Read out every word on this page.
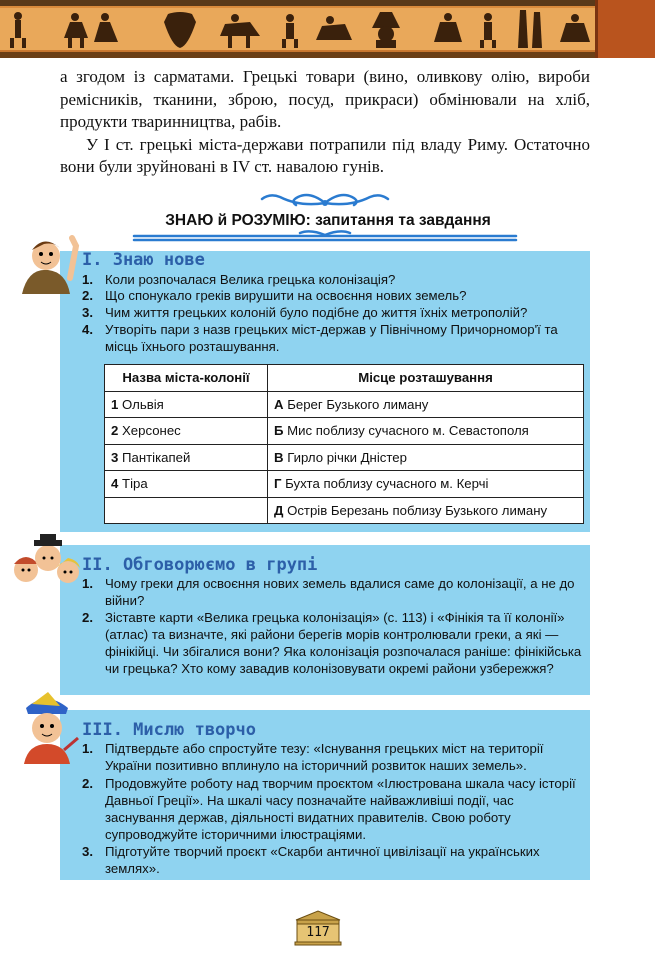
а згодом із сарматами. Грецькі товари (вино, оливкову олію, вироби ремісників, тканини, зброю, посуд, прикраси) обмінювали на хліб, продукти тваринництва, рабів.

У І ст. грецькі міста-держави потрапили під владу Риму. Остаточно вони були зруйновані в IV ст. навалою гунів.

ЗНАЮ й РОЗУМІЮ: запитання та завдання
I. Знаю нове
1. Коли розпочалася Велика грецька колонізація?
2. Що спонукало греків вирушити на освоєння нових земель?
3. Чим життя грецьких колоній було подібне до життя їхніх метрополій?
4. Утворіть пари з назв грецьких міст-держав у Північному Причорномор'ї та місць їхнього розташування.
Назва міста-колонії	Місце розташування
1 Ольвія	А Берег Бузького лиману
2 Херсонес	Б Мис поблизу сучасного м. Севастополя
3 Пантікапей	В Гирло річки Дністер
4 Тіра	Г Бухта поблизу сучасного м. Керчі
	Д Острів Березань поблизу Бузького лиману
II. Обговорюємо в групі
1. Чому греки для освоєння нових земель вдалися саме до колонізації, а не до війни?
2. Зіставте карти «Велика грецька колонізація» (с. 113) і «Фінікія та її колонії» (атлас) та визначте, які райони берегів морів контролювали греки, а які — фінікійці. Чи збігалися вони? Яка колонізація розпочалася раніше: фінікійська чи грецька? Хто кому завадив колонізовувати окремі райони узбережжя?
III. Мислю творчо
1. Підтвердьте або спростуйте тезу: «Існування грецьких міст на території України позитивно вплинуло на історичний розвиток наших земель».
2. Продовжуйте роботу над творчим проєктом «Ілюстрована шкала часу історії Давньої Греції». На шкалі часу позначайте найважливіші події, час заснування держав, діяльності видатних правителів. Свою роботу супроводжуйте історичними ілюстраціями.
3. Підготуйте творчий проєкт «Скарби античної цивілізації на українських землях».
117
